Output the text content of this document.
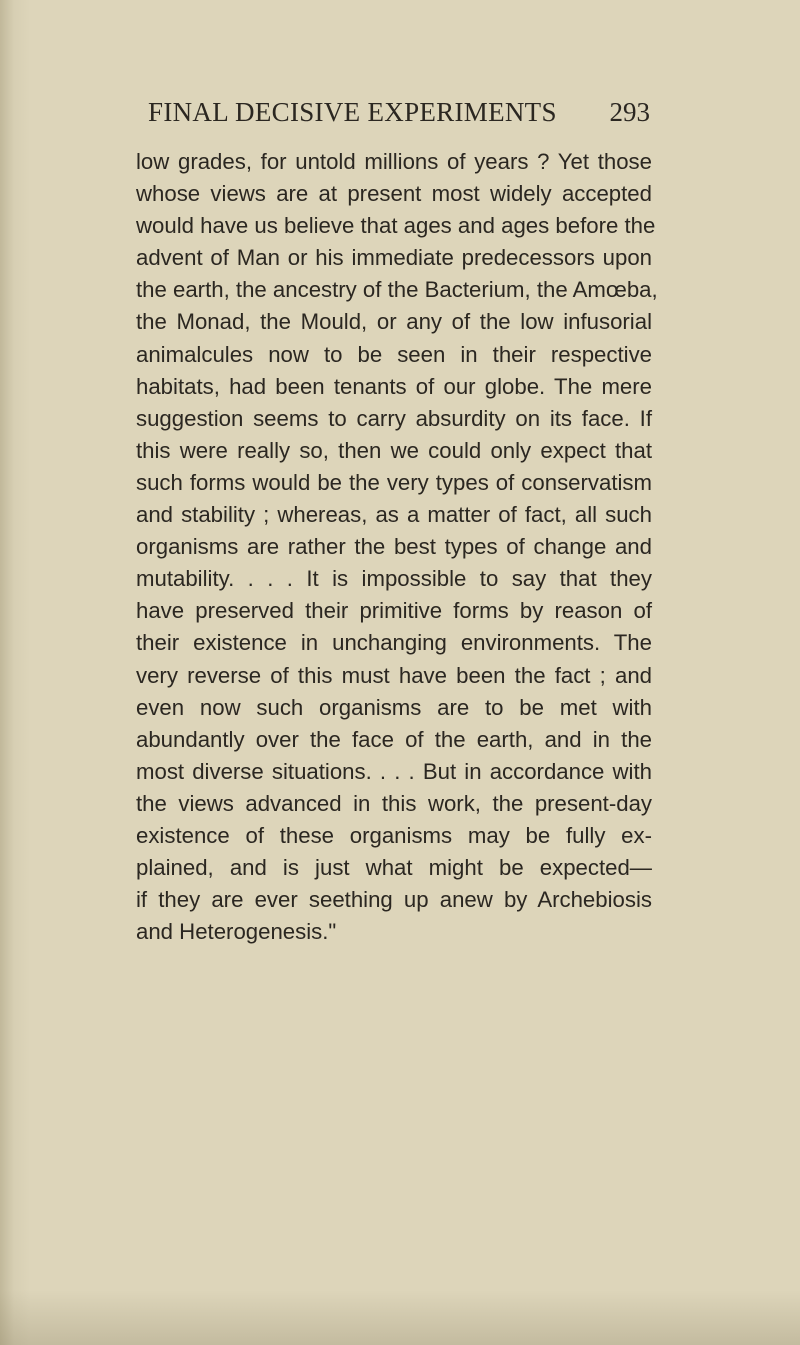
FINAL DECISIVE EXPERIMENTS 293

low grades, for untold millions of years ? Yet those
whose views are at present most widely accepted
would have us believe that ages and ages before the
advent of Man or his immediate predecessors upon
the earth, the ancestry of the Bacterium, the Amœba,
the Monad, the Mould, or any of the low infusorial
animalcules now to be seen in their respective
habitats, had been tenants of our globe. The mere
suggestion seems to carry absurdity on its face. If
this were really so, then we could only expect that
such forms would be the very types of conservatism
and stability ; whereas, as a matter of fact, all such
organisms are rather the best types of change and
mutability. . . . It is impossible to say that they
have preserved their primitive forms by reason of
their existence in unchanging environments. The
very reverse of this must have been the fact ; and
even now such organisms are to be met with
abundantly over the face of the earth, and in the
most diverse situations. . . . But in accordance with
the views advanced in this work, the present-day
existence of these organisms may be fully ex-
plained, and is just what might be expected—
if they are ever seething up anew by Archebiosis
and Heterogenesis."
